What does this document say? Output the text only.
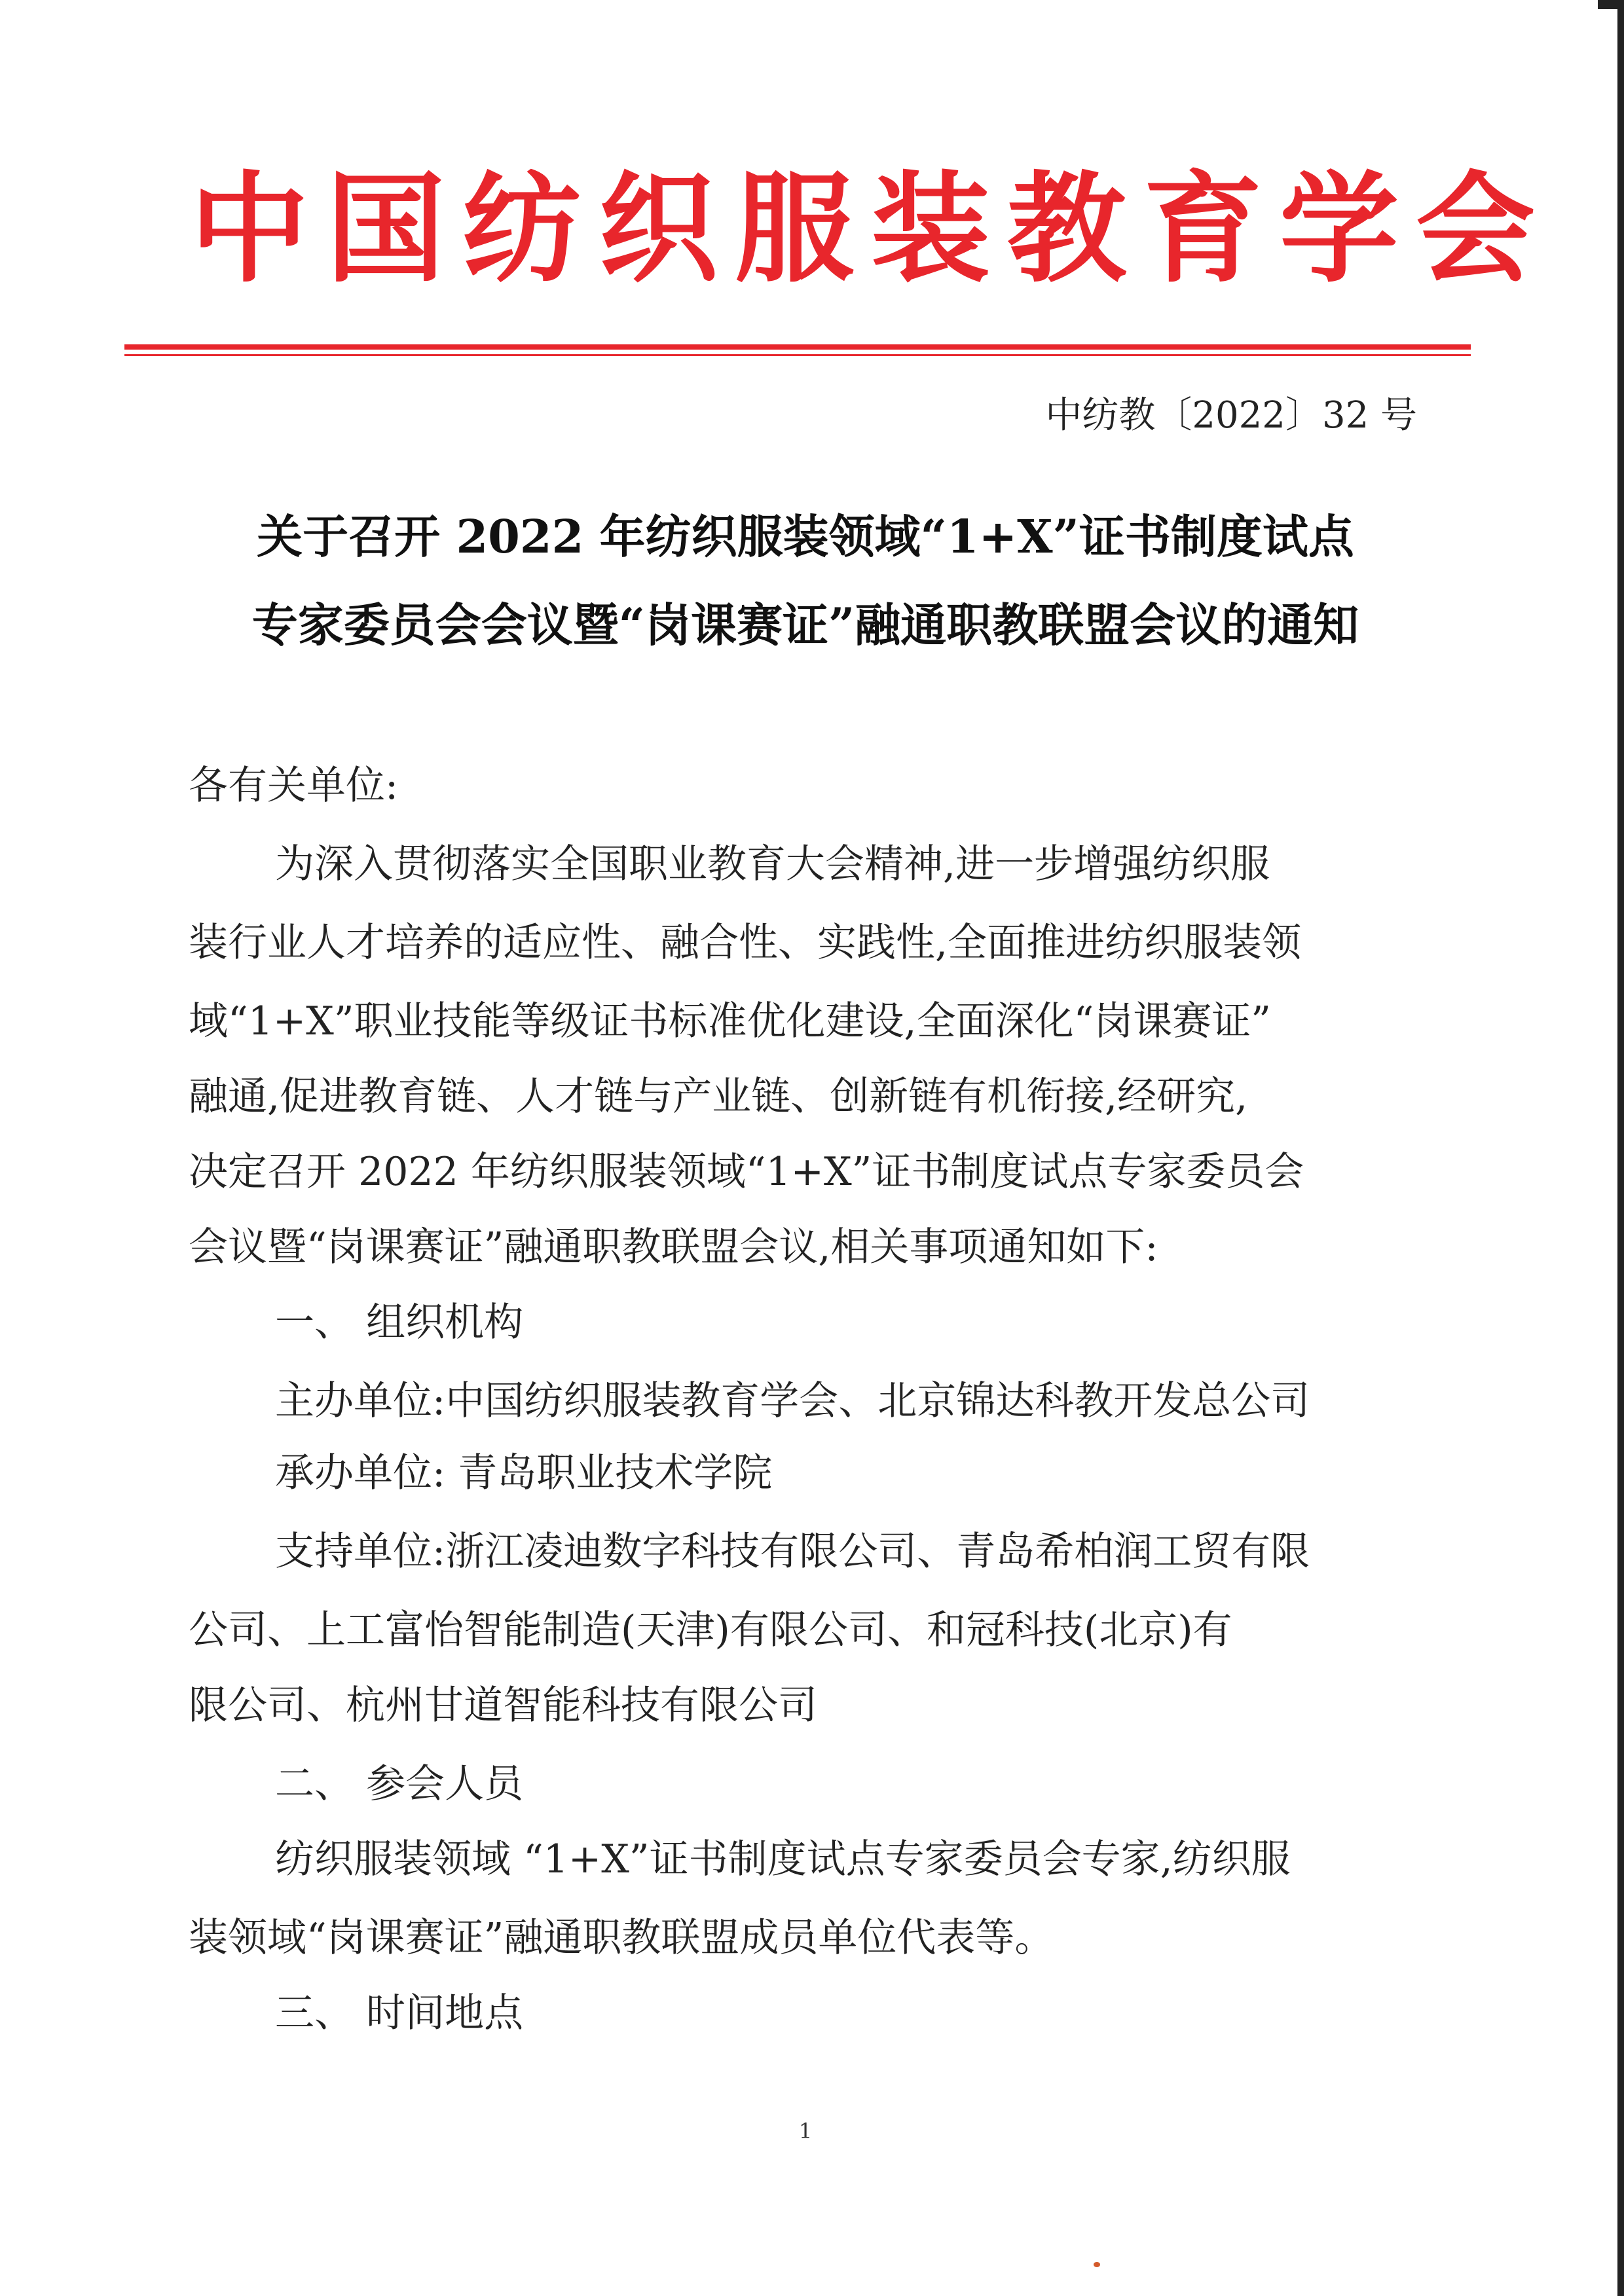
中国纺织服装教育学会
中纺教〔2022〕32 号
关于召开 2022 年纺织服装领域“1+X”证书制度试点
专家委员会会议暨“岗课赛证”融通职教联盟会议的通知
各有关单位:
为深入贯彻落实全国职业教育大会精神,进一步增强纺织服
装行业人才培养的适应性、融合性、实践性,全面推进纺织服装领
域“1+X”职业技能等级证书标准优化建设,全面深化“岗课赛证”
融通,促进教育链、人才链与产业链、创新链有机衔接,经研究,
决定召开 2022 年纺织服装领域“1+X”证书制度试点专家委员会
会议暨“岗课赛证”融通职教联盟会议,相关事项通知如下:
一、 组织机构
主办单位:中国纺织服装教育学会、北京锦达科教开发总公司
承办单位: 青岛职业技术学院
支持单位:浙江凌迪数字科技有限公司、青岛希柏润工贸有限
公司、上工富怡智能制造(天津)有限公司、和冠科技(北京)有
限公司、杭州甘道智能科技有限公司
二、 参会人员
纺织服装领域 “1+X”证书制度试点专家委员会专家,纺织服
装领域“岗课赛证”融通职教联盟成员单位代表等。
三、 时间地点
1
